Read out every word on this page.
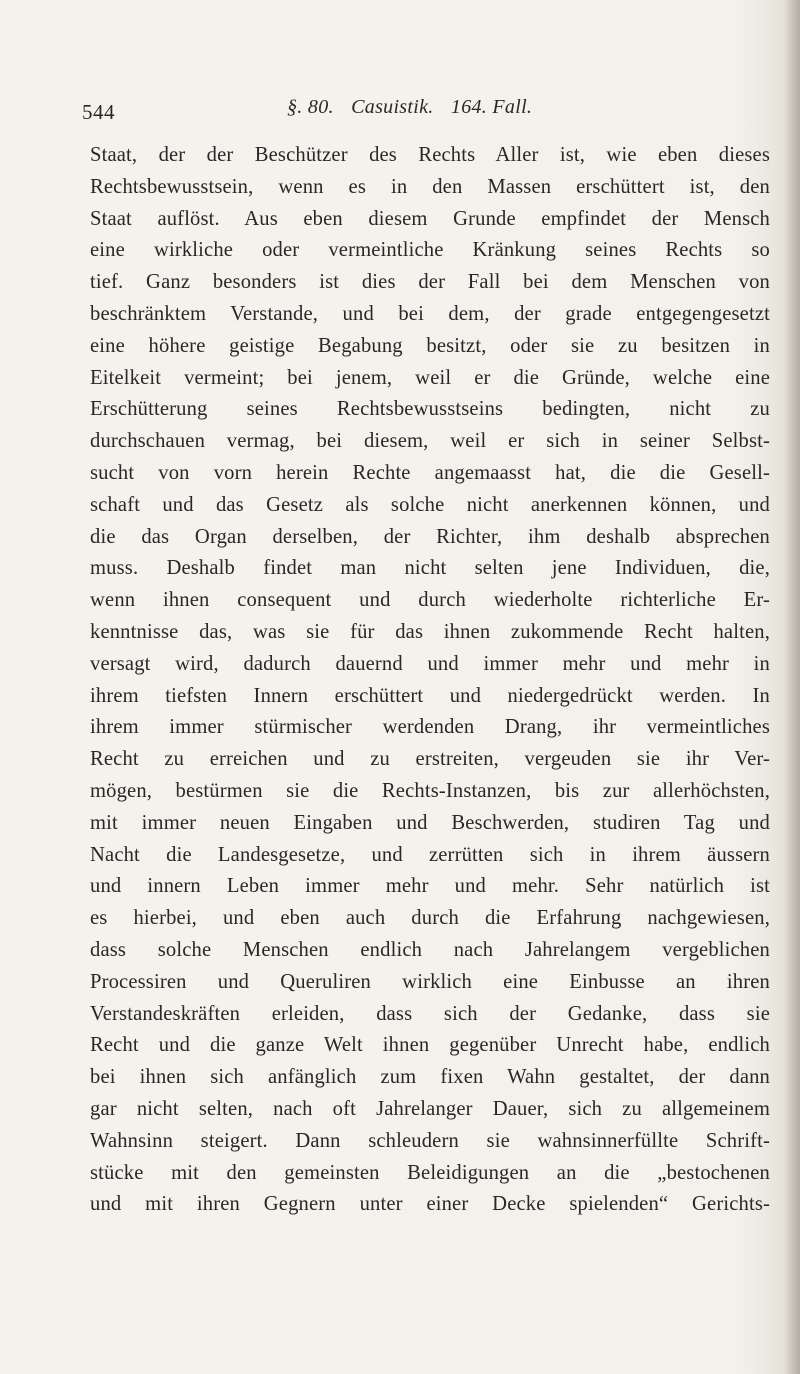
544	§. 80. Casuistik. 164. Fall.
Staat, der der Beschützer des Rechts Aller ist, wie eben dieses
Rechtsbewusstsein, wenn es in den Massen erschüttert ist, den
Staat auflöst. Aus eben diesem Grunde empfindet der Mensch
eine wirkliche oder vermeintliche Kränkung seines Rechts so
tief. Ganz besonders ist dies der Fall bei dem Menschen von
beschränktem Verstande, und bei dem, der grade entgegengesetzt
eine höhere geistige Begabung besitzt, oder sie zu besitzen in
Eitelkeit vermeint; bei jenem, weil er die Gründe, welche eine
Erschütterung seines Rechtsbewusstseins bedingten, nicht zu
durchschauen vermag, bei diesem, weil er sich in seiner Selbst-
sucht von vorn herein Rechte angemaasst hat, die die Gesell-
schaft und das Gesetz als solche nicht anerkennen können, und
die das Organ derselben, der Richter, ihm deshalb absprechen
muss. Deshalb findet man nicht selten jene Individuen, die,
wenn ihnen consequent und durch wiederholte richterliche Er-
kenntnisse das, was sie für das ihnen zukommende Recht halten,
versagt wird, dadurch dauernd und immer mehr und mehr in
ihrem tiefsten Innern erschüttert und niedergedrückt werden. In
ihrem immer stürmischer werdenden Drang, ihr vermeintliches
Recht zu erreichen und zu erstreiten, vergeuden sie ihr Ver-
mögen, bestürmen sie die Rechts-Instanzen, bis zur allerhöchsten,
mit immer neuen Eingaben und Beschwerden, studiren Tag und
Nacht die Landesgesetze, und zerrütten sich in ihrem äussern
und innern Leben immer mehr und mehr. Sehr natürlich ist
es hierbei, und eben auch durch die Erfahrung nachgewiesen,
dass solche Menschen endlich nach Jahrelangem vergeblichen
Processiren und Queruliren wirklich eine Einbusse an ihren
Verstandeskräften erleiden, dass sich der Gedanke, dass sie
Recht und die ganze Welt ihnen gegenüber Unrecht habe, endlich
bei ihnen sich anfänglich zum fixen Wahn gestaltet, der dann
gar nicht selten, nach oft Jahrelanger Dauer, sich zu allgemeinem
Wahnsinn steigert. Dann schleudern sie wahnsinnerfüllte Schrift-
stücke mit den gemeinsten Beleidigungen an die „bestochenen
und mit ihren Gegnern unter einer Decke spielenden“ Gerichts-
